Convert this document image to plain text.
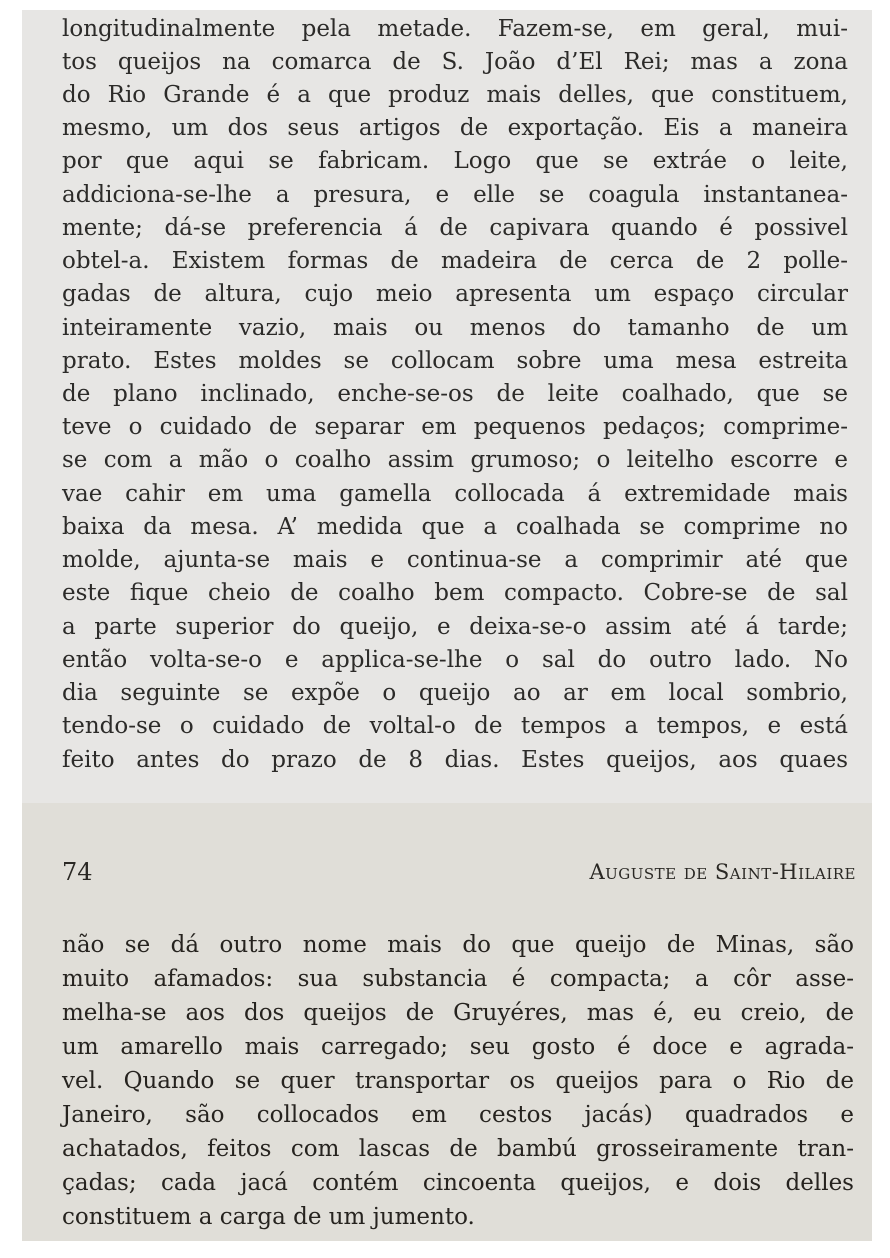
longitudinalmente pela metade. Fazem-se, em geral, mui-

tos queijos na comarca de S. João d’El Rei; mas a zona

do Rio Grande é a que produz mais delles, que constituem,

mesmo, um dos seus artigos de exportação. Eis a maneira

por que aqui se fabricam. Logo que se extráe o leite,

addiciona-se-lhe a presura, e elle se coagula instantanea-

mente; dá-se preferencia á de capivara quando é possivel

obtel-a. Existem formas de madeira de cerca de 2 polle-

gadas de altura, cujo meio apresenta um espaço circular

inteiramente vazio, mais ou menos do tamanho de um

prato. Estes moldes se collocam sobre uma mesa estreita

de plano inclinado, enche-se-os de leite coalhado, que se

teve o cuidado de separar em pequenos pedaços; comprime-

se com a mão o coalho assim grumoso; o leitelho escorre e

vae cahir em uma gamella collocada á extremidade mais

baixa da mesa. A’ medida que a coalhada se comprime no

molde, ajunta-se mais e continua-se a comprimir até que

este fique cheio de coalho bem compacto. Cobre-se de sal

a parte superior do queijo, e deixa-se-o assim até á tarde;

então volta-se-o e applica-se-lhe o sal do outro lado. No

dia seguinte se expõe o queijo ao ar em local sombrio,

tendo-se o cuidado de voltal-o de tempos a tempos, e está

feito antes do prazo de 8 dias. Estes queijos, aos quaes

74	Auguste de Saint-Hilaire

não se dá outro nome mais do que queijo de Minas, são

muito afamados: sua substancia é compacta; a côr asse-

melha-se aos dos queijos de Gruyéres, mas é, eu creio, de

um amarello mais carregado; seu gosto é doce e agrada-

vel. Quando se quer transportar os queijos para o Rio de

Janeiro, são collocados em cestos jacás) quadrados e

achatados, feitos com lascas de bambú grosseiramente tran-

çadas; cada jacá contém cincoenta queijos, e dois delles

constituem a carga de um jumento.
